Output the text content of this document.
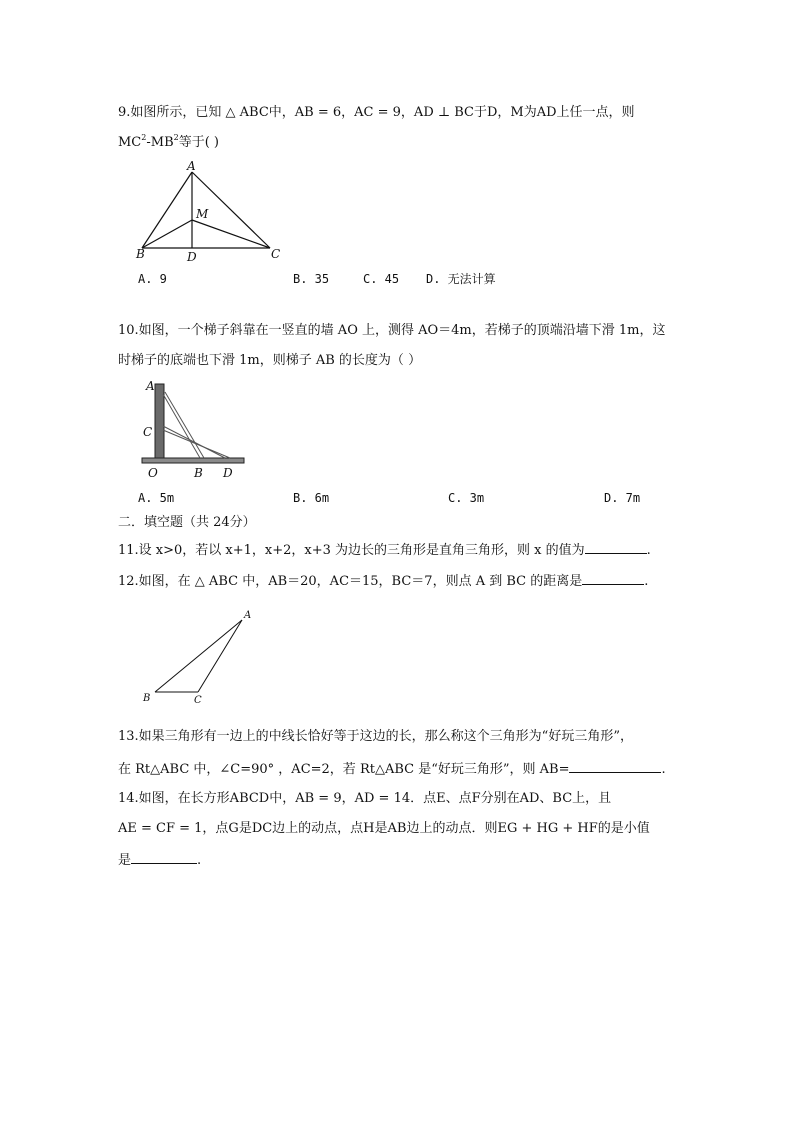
9.如图所示，已知 △ ABC中，AB = 6，AC = 9，AD ⊥ BC于D，M为AD上任一点，则
$MC^2-MB^2$等于( )
A
M
B	D	C
A. 9	B. 35	C. 45 D. 无法计算
10.如图，一个梯子斜靠在一竖直的墙 AO 上，测得 AO＝4m，若梯子的顶端沿墙下滑 1m，这
时梯子的底端也下滑 1m，则梯子 AB 的长度为（ ）
A
C
O	B D
A. 5m	B. 6m	C. 3m	D. 7m
二．填空题（共 24分）
11.设 x>0，若以 x+1，x+2，x+3 为边长的三角形是直角三角形，则 x 的值为	.
12.如图，在 △ ABC 中，AB＝20，AC＝15，BC＝7，则点 A 到 BC 的距离是	.
A
B	C
13.如果三角形有一边上的中线长恰好等于这边的长，那么称这个三角形为“好玩三角形”，
在 Rt△ABC 中，∠C=90° ，AC=2，若 Rt△ABC 是“好玩三角形”，则 AB=	.
14.如图，在长方形ABCD中，AB = 9，AD = 14．点E、点F分别在AD、BC上，且
AE = CF = 1，点G是DC边上的动点，点H是AB边上的动点．则EG + HG + HF的是小值
是	.
